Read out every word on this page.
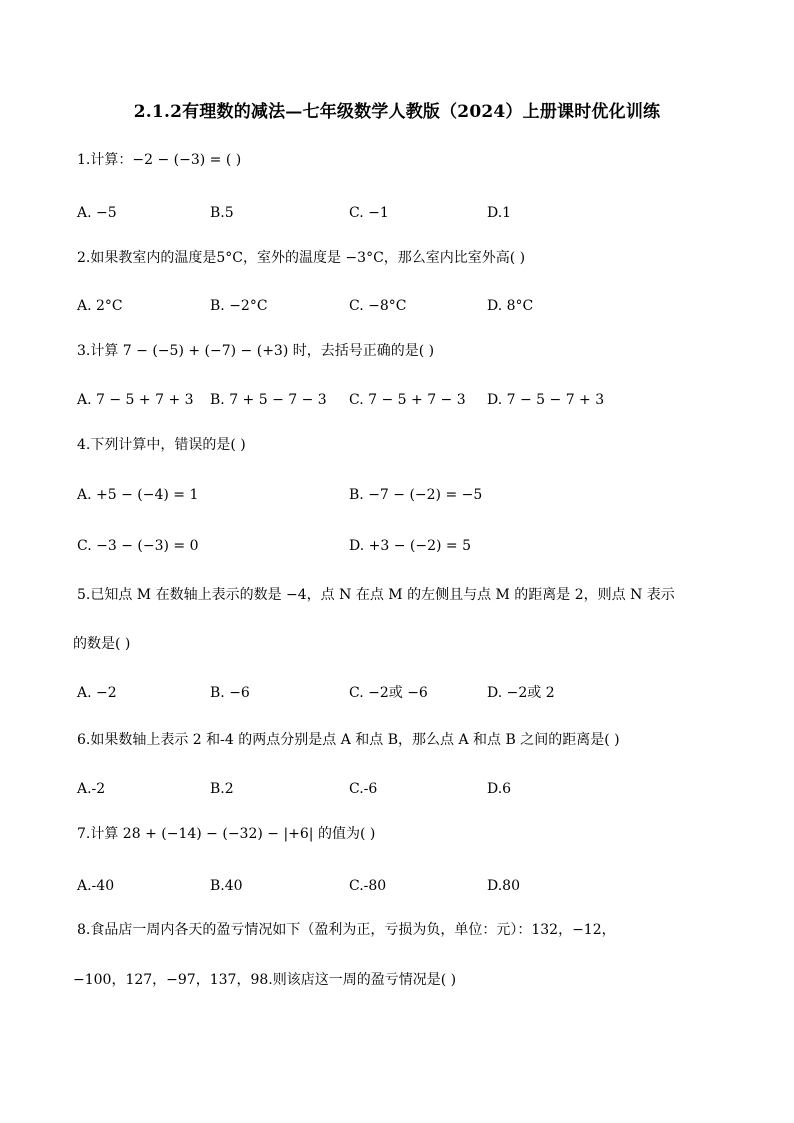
2.1.2有理数的减法—七年级数学人教版（2024）上册课时优化训练
1.计算：−2 − (−3) = ( )
A. −5	B.5	C. −1	D.1
2.如果教室内的温度是5°C，室外的温度是 −3°C，那么室内比室外高( )
A. 2°C	B. −2°C	C. −8°C	D. 8°C
3.计算 7 − (−5) + (−7) − (+3) 时，去括号正确的是( )
A. 7 − 5 + 7 + 3 B. 7 + 5 − 7 − 3 C. 7 − 5 + 7 − 3 D. 7 − 5 − 7 + 3
4.下列计算中，错误的是( )
A. +5 − (−4) = 1	B. −7 − (−2) = −5
C. −3 − (−3) = 0	D. +3 − (−2) = 5
5.已知点 M 在数轴上表示的数是 −4，点 N 在点 M 的左侧且与点 M 的距离是 2，则点 N 表示
的数是( )
A. −2	B. −6	C. −2或 −6	D. −2或 2
6.如果数轴上表示 2 和-4 的两点分别是点 A 和点 B，那么点 A 和点 B 之间的距离是( )
A.-2	B.2	C.-6	D.6
7.计算 28 + (−14) − (−32) − |+6| 的值为( )
A.-40	B.40	C.-80	D.80
8.食品店一周内各天的盈亏情况如下（盈利为正，亏损为负，单位：元）：132，−12，
−100，127，−97，137，98.则该店这一周的盈亏情况是( )
